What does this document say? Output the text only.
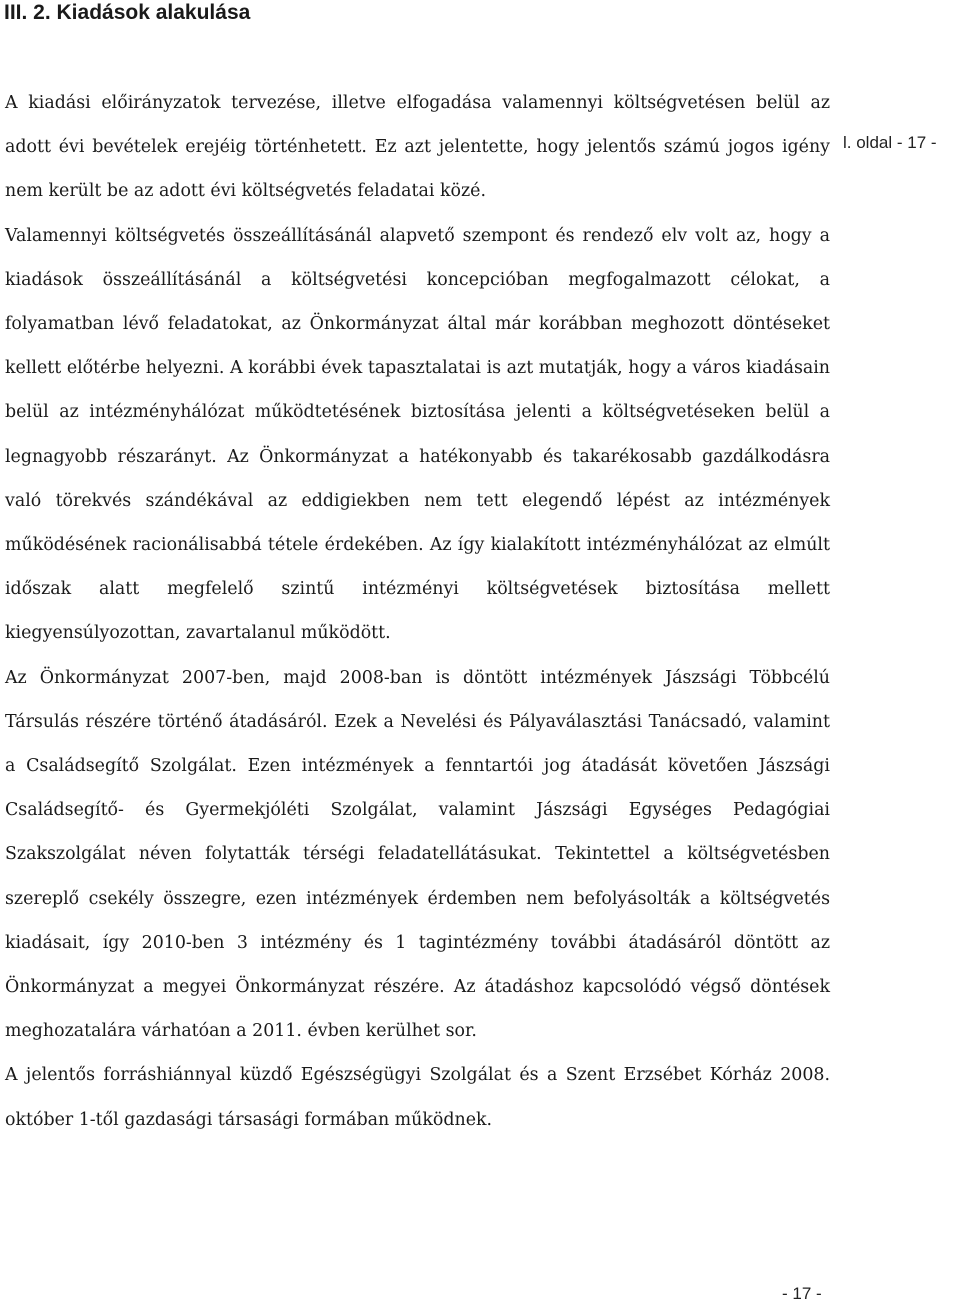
III. 2. Kiadások alakulása
l. oldal - 17 -

A kiadási előirányzatok tervezése, illetve elfogadása valamennyi költségvetésen belül az adott évi bevételek erejéig történhetett. Ez azt jelentette, hogy jelentős számú jogos igény nem került be az adott évi költségvetés feladatai közé.

Valamennyi költségvetés összeállításánál alapvető szempont és rendező elv volt az, hogy a kiadások összeállításánál a költségvetési koncepcióban megfogalmazott célokat, a folyamatban lévő feladatokat, az Önkormányzat által már korábban meghozott döntéseket kellett előtérbe helyezni. A korábbi évek tapasztalatai is azt mutatják, hogy a város kiadásain belül az intézményhálózat működtetésének biztosítása jelenti a költségvetéseken belül a legnagyobb részarányt. Az Önkormányzat a hatékonyabb és takarékosabb gazdálkodásra való törekvés szándékával az eddigiekben nem tett elegendő lépést az intézmények működésének racionálisabbá tétele érdekében. Az így kialakított intézményhálózat az elmúlt időszak alatt megfelelő szintű intézményi költségvetések biztosítása mellett kiegyensúlyozottan, zavartalanul működött.

Az Önkormányzat 2007-ben, majd 2008-ban is döntött intézmények Jászsági Többcélú Társulás részére történő átadásáról. Ezek a Nevelési és Pályaválasztási Tanácsadó, valamint a Családsegítő Szolgálat. Ezen intézmények a fenntartói jog átadását követően Jászsági Családsegítő- és Gyermekjóléti Szolgálat, valamint Jászsági Egységes Pedagógiai Szakszolgálat néven folytatták térségi feladatellátásukat. Tekintettel a költségvetésben szereplő csekély összegre, ezen intézmények érdemben nem befolyásolták a költségvetés kiadásait, így 2010-ben 3 intézmény és 1 tagintézmény további átadásáról döntött az Önkormányzat a megyei Önkormányzat részére. Az átadáshoz kapcsolódó végső döntések meghozatalára várhatóan a 2011. évben kerülhet sor.

A jelentős forráshiánnyal küzdő Egészségügyi Szolgálat és a Szent Erzsébet Kórház 2008. október 1-től gazdasági társasági formában működnek.

- 17 -
